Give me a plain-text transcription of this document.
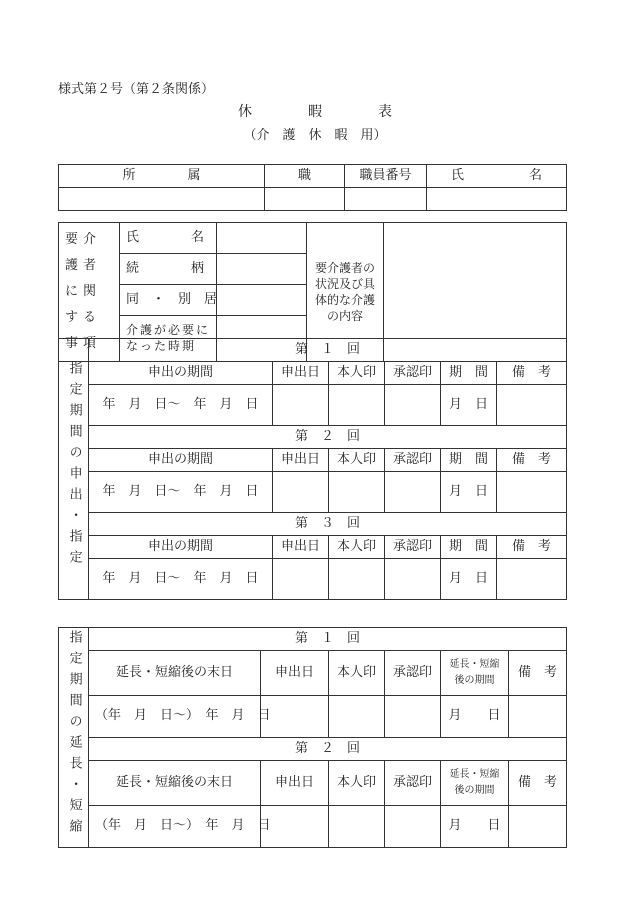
様式第２号（第２条関係）
休　　　　暇　　　　表
（介　護　休　暇　用）
所　　　　属	職	職員番号	氏　　　　　名

要介護者に関する事項	氏　　　　名		要介護者の状況及び具体的な介護の内容	
	続　　　　柄			
	同　・　別　居			
	介護が必要になった時期			
指定期間の申出・指定	第　１　回					
	申出の期間	申出日	本人印	承認印	期　間	備　考
	年　月　日～　年　月　日				月　日	
	第　２　回					
	申出の期間	申出日	本人印	承認印	期　間	備　考
	年　月　日～　年　月　日				月　日	
	第　３　回					
	申出の期間	申出日	本人印	承認印	期　間	備　考
	年　月　日～　年　月　日				月　日	
指定期間の延長・短縮	第　１　回					
	延長・短縮後の末日	申出日	本人印	承認印	延長・短縮後の期間	備　考
	（年　月　日～）　年　月　日				月　　日	
	第　２　回					
	延長・短縮後の末日	申出日	本人印	承認印	延長・短縮後の期間	備　考
	（年　月　日～）　年　月　日				月　　日	
